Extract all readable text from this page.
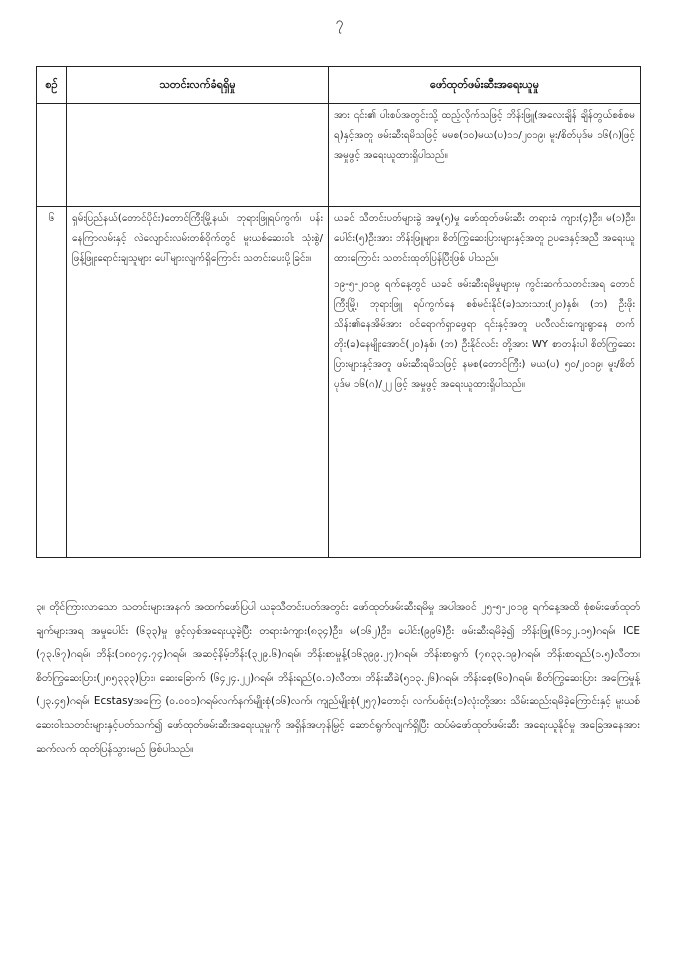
၇
စဉ်	သတင်းလက်ခံရရှိမှု	ဖော်ထုတ်ဖမ်းဆီးအရေးယူမှု

		အား ၎င်း၏ ပါးစပ်အတွင်းသို့ ထည့်လိုက်သဖြင့် ဘိန်းဖြူ(အလေးချိန် ချိန်တွယ်စစ်စမရ)နှင့်အတူ ဖမ်းဆီးရမိသဖြင့် မမစ(၁၀)မယ(ပ)၁၁/၂၀၁၉၊ မူး/စိတ်ပုဒ်မ ၁၆(ဂ)ဖြင့် အမှုဖွင့် အရေးယူထားရှိပါသည်။

၆	ရှမ်းပြည်နယ်(တောင်ပိုင်း)တောင်ကြီးမြို့နယ်၊ ဘုရားဖြူရပ်ကွက်၊ ပန်းနေကြာလမ်းနှင့် လဲလျောင်းလမ်းတစ်ဝိုက်တွင် မူးယစ်ဆေးဝါး သုံးစွဲ/ဖြန့်ဖြူးရောင်းချသူများ ပေါ်များလျက်ရှိကြောင်း သတင်းပေးပို့ခြင်း။	ယခင် သီတင်းပတ်များခွဲ အမှု(၅)မှု ဖော်ထုတ်ဖမ်းဆီး တရားခံ ကျား(၄)ဦး၊ မ(၁)ဦး၊ ပေါင်း(၅)ဦးအား ဘိန်းဖြူများ၊ စိတ်ကြွဆေးပြားများနှင့်အတူ ဥပဒေနှင့်အညီ အရေးယူထားကြောင်း သတင်းထုတ်ပြန်ပြီးဖြစ် ပါသည်။

၁၉-၅-၂၀၁၉ ရက်နေ့တွင် ယခင် ဖမ်းဆီးရမိမှုများမှ ကွင်းဆက်သတင်းအရ တောင်ကြီးမြို့၊ ဘုရားဖြူ ရပ်ကွက်နေ စစ်မင်းနိုင်(ခ)သားသား(၂၀)နှစ်၊ (ဘ) ဦးဖိုးသိန်း၏နေအိမ်အား ဝင်ရောက်ရှာဖွေရာ ၎င်းနှင့်အတူ ပလီလင်းကျေးရွာနေ တက်တိုး(ခ)နေမျိုးအောင်(၂၀)နှစ်၊ (ဘ) ဦးနိုင်လင်း တို့အား WY စာတန်းပါ စိတ်ကြွဆေးပြားများနှင့်အတူ ဖမ်းဆီးရမိသဖြင့် နမစ(တောင်ကြီး) မယ(ပ) ၅၀/၂၀၁၉၊ မူး/စိတ် ပုဒ်မ ၁၆(ဂ)/၂၂ ဖြင့် အမှုဖွင့် အရေးယူထားရှိပါသည်။

၃။ တိုင်ကြားလာသော သတင်းများအနက် အထက်ဖော်ပြပါ ယခုသီတင်းပတ်အတွင်း ဖော်ထုတ်ဖမ်းဆီးရမိမှု အပါအဝင် ၂၅-၅-၂၀၁၉ ရက်နေ့အထိ စုံစမ်းဖော်ထုတ်ချက်များအရ အမှုပေါင်း (၆၃၃)မှု ဖွင့်လှစ်အရေးယူခဲ့ပြီး တရားခံကျား(၈၃၄)ဦး၊ မ(၁၆၂)ဦး၊ ပေါင်း(၉၉၆)ဦး ဖမ်းဆီးရမိခဲ့၍ ဘိန်းဖြူ(၆၁၄၂.၁၅)ဂရမ်၊ ICE (၇၃.၆၇)ဂရမ်၊ ဘိန်း(၁၈၀၇၄.၇၄)ဂရမ်၊ အဆင့်နိမ့်ဘိန်း(၃၂၉.၆)ဂရမ်၊ ဘိန်းစာမှုန့်(၁၆၃၉၉.၂၇)ဂရမ်၊ ဘိန်းစာရွက် (၇၈၃၃.၁၉)ဂရမ်၊ ဘိန်းစာရည်(၁.၅)လီတာ၊ စိတ်ကြွဆေးပြား(၂၈၅၃၃၃)ပြား၊ ဆေးခြောက် (၆၄၂၄.၂၂)ဂရမ်၊ ဘိန်းရည်(၀.၁)လီတာ၊ ဘိန်းဆီခဲ(၅၁၃.၂၆)ဂရမ်၊ ဘိန်းစေ့(၆၀)ဂရမ်၊ စိတ်ကြွဆေးပြား အကြေမှုန့် (၂၃.၄၅)ဂရမ်၊ Ecstasyအကြေ (၀.၀၀၁)ဂရမ်လက်နက်မျိုးစုံ(၁၆)လက်၊ ကျည်မျိုးစုံ(၂၅၇)တောင့်၊ လက်ပစ်ဗုံး(၁)လုံးတို့အား သိမ်းဆည်းရမိခဲ့ကြောင်းနှင့် မူးယစ်ဆေးဝါးသတင်းများနှင့်ပတ်သက်၍ ဖော်ထုတ်ဖမ်းဆီးအရေးယူမှုကို အရှိန်အဟုန်မြှင့် ဆောင်ရွက်လျက်ရှိပြီး ထပ်မံဖော်ထုတ်ဖမ်းဆီး အရေးယူနိုင်မှု အခြေအနေအား ဆက်လက် ထုတ်ပြန်သွားမည် ဖြစ်ပါသည်။
